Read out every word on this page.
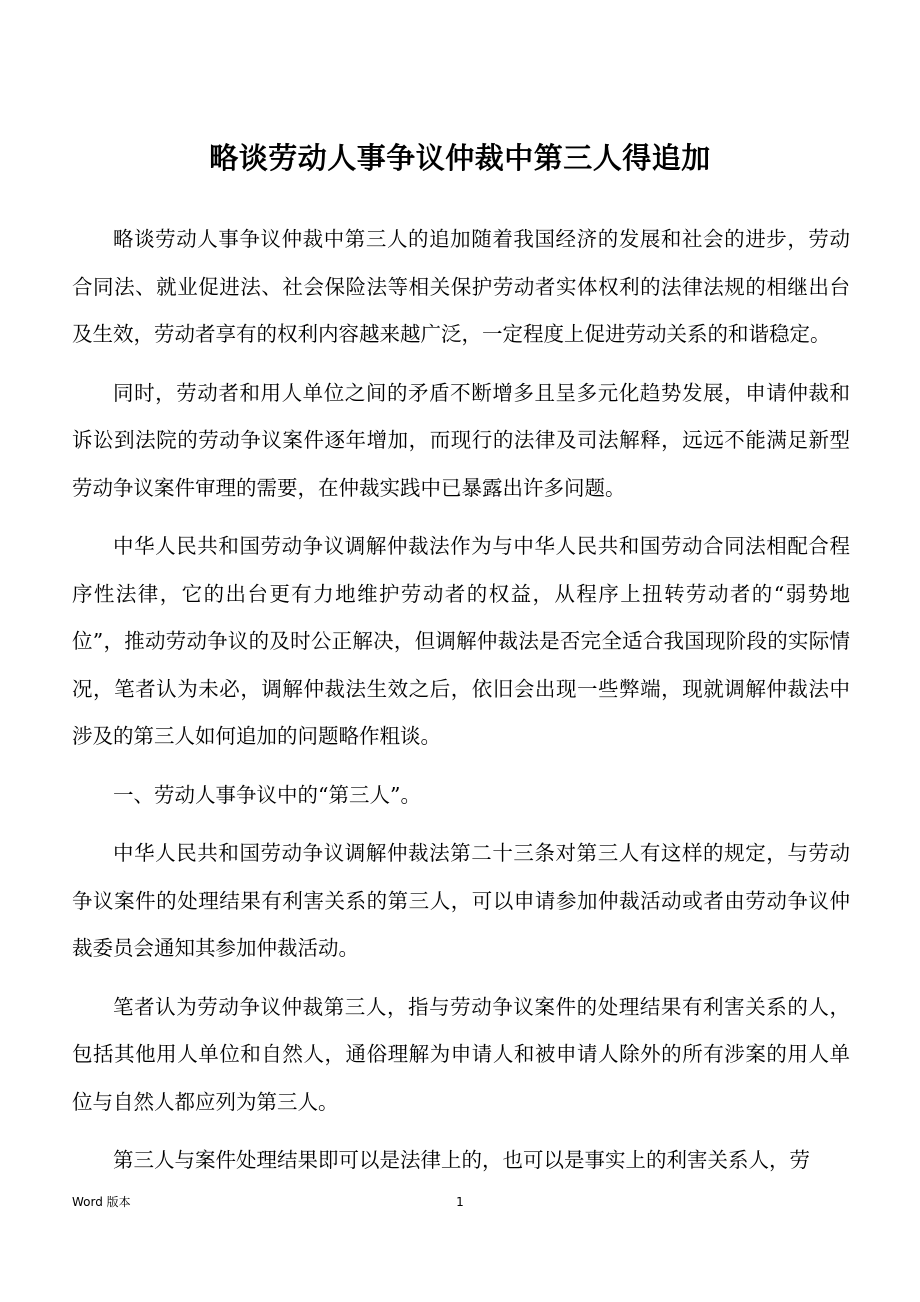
略谈劳动人事争议仲裁中第三人得追加

略谈劳动人事争议仲裁中第三人的追加随着我国经济的发展和社会的进步，劳动合同法、就业促进法、社会保险法等相关保护劳动者实体权利的法律法规的相继出台及生效，劳动者享有的权利内容越来越广泛，一定程度上促进劳动关系的和谐稳定。

同时，劳动者和用人单位之间的矛盾不断增多且呈多元化趋势发展，申请仲裁和诉讼到法院的劳动争议案件逐年增加，而现行的法律及司法解释，远远不能满足新型劳动争议案件审理的需要，在仲裁实践中已暴露出许多问题。

中华人民共和国劳动争议调解仲裁法作为与中华人民共和国劳动合同法相配合程序性法律，它的出台更有力地维护劳动者的权益，从程序上扭转劳动者的“弱势地位”，推动劳动争议的及时公正解决，但调解仲裁法是否完全适合我国现阶段的实际情况，笔者认为未必，调解仲裁法生效之后，依旧会出现一些弊端，现就调解仲裁法中涉及的第三人如何追加的问题略作粗谈。

一、劳动人事争议中的“第三人”。

中华人民共和国劳动争议调解仲裁法第二十三条对第三人有这样的规定，与劳动争议案件的处理结果有利害关系的第三人，可以申请参加仲裁活动或者由劳动争议仲裁委员会通知其参加仲裁活动。

笔者认为劳动争议仲裁第三人，指与劳动争议案件的处理结果有利害关系的人，包括其他用人单位和自然人，通俗理解为申请人和被申请人除外的所有涉案的用人单位与自然人都应列为第三人。

第三人与案件处理结果即可以是法律上的，也可以是事实上的利害关系人，劳

Word 版本	1
